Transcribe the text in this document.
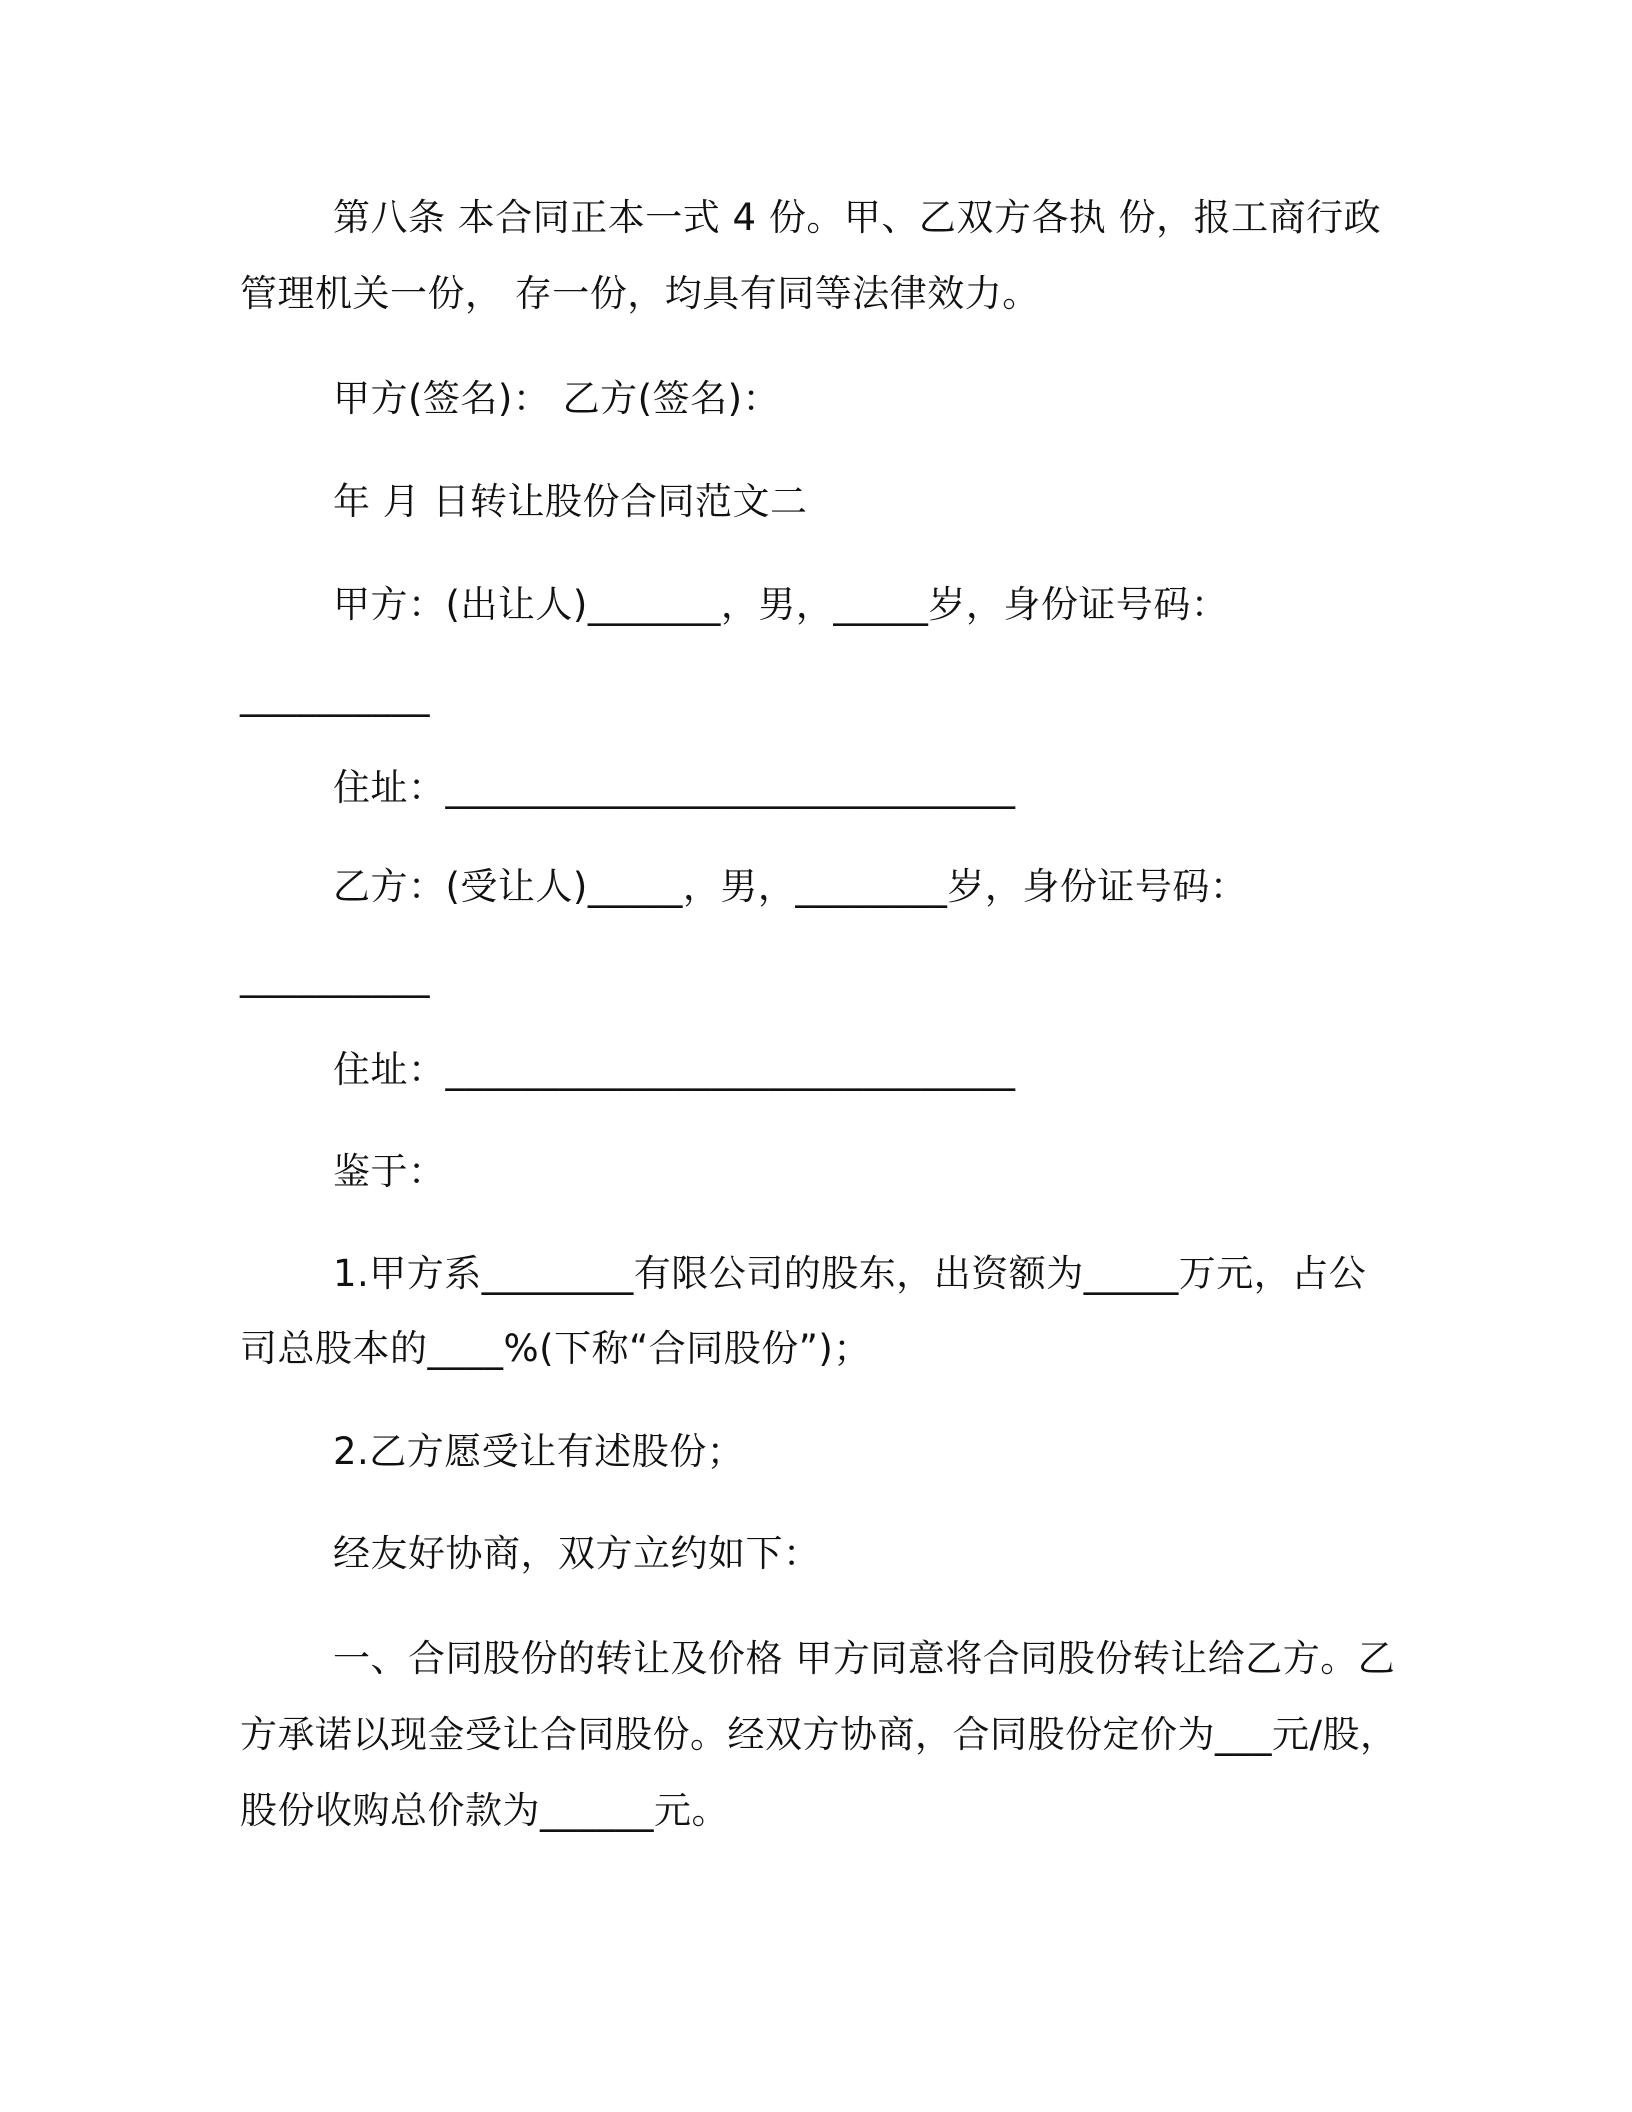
第八条 本合同正本一式 4 份。甲、乙双方各执 份，报工商行政
管理机关一份， 存一份，均具有同等法律效力。
甲方(签名)： 乙方(签名)：
年 月 日转让股份合同范文二
甲方：(出让人)_______，男，_____岁，身份证号码：
__________
住址：______________________________
乙方：(受让人)_____，男，________岁，身份证号码：
__________
住址：______________________________
鉴于：
1.甲方系________有限公司的股东，出资额为_____万元，占公
司总股本的____%(下称“合同股份”)；
2.乙方愿受让有述股份；
经友好协商，双方立约如下：
一、合同股份的转让及价格 甲方同意将合同股份转让给乙方。乙
方承诺以现金受让合同股份。经双方协商，合同股份定价为___元/股，
股份收购总价款为______元。
